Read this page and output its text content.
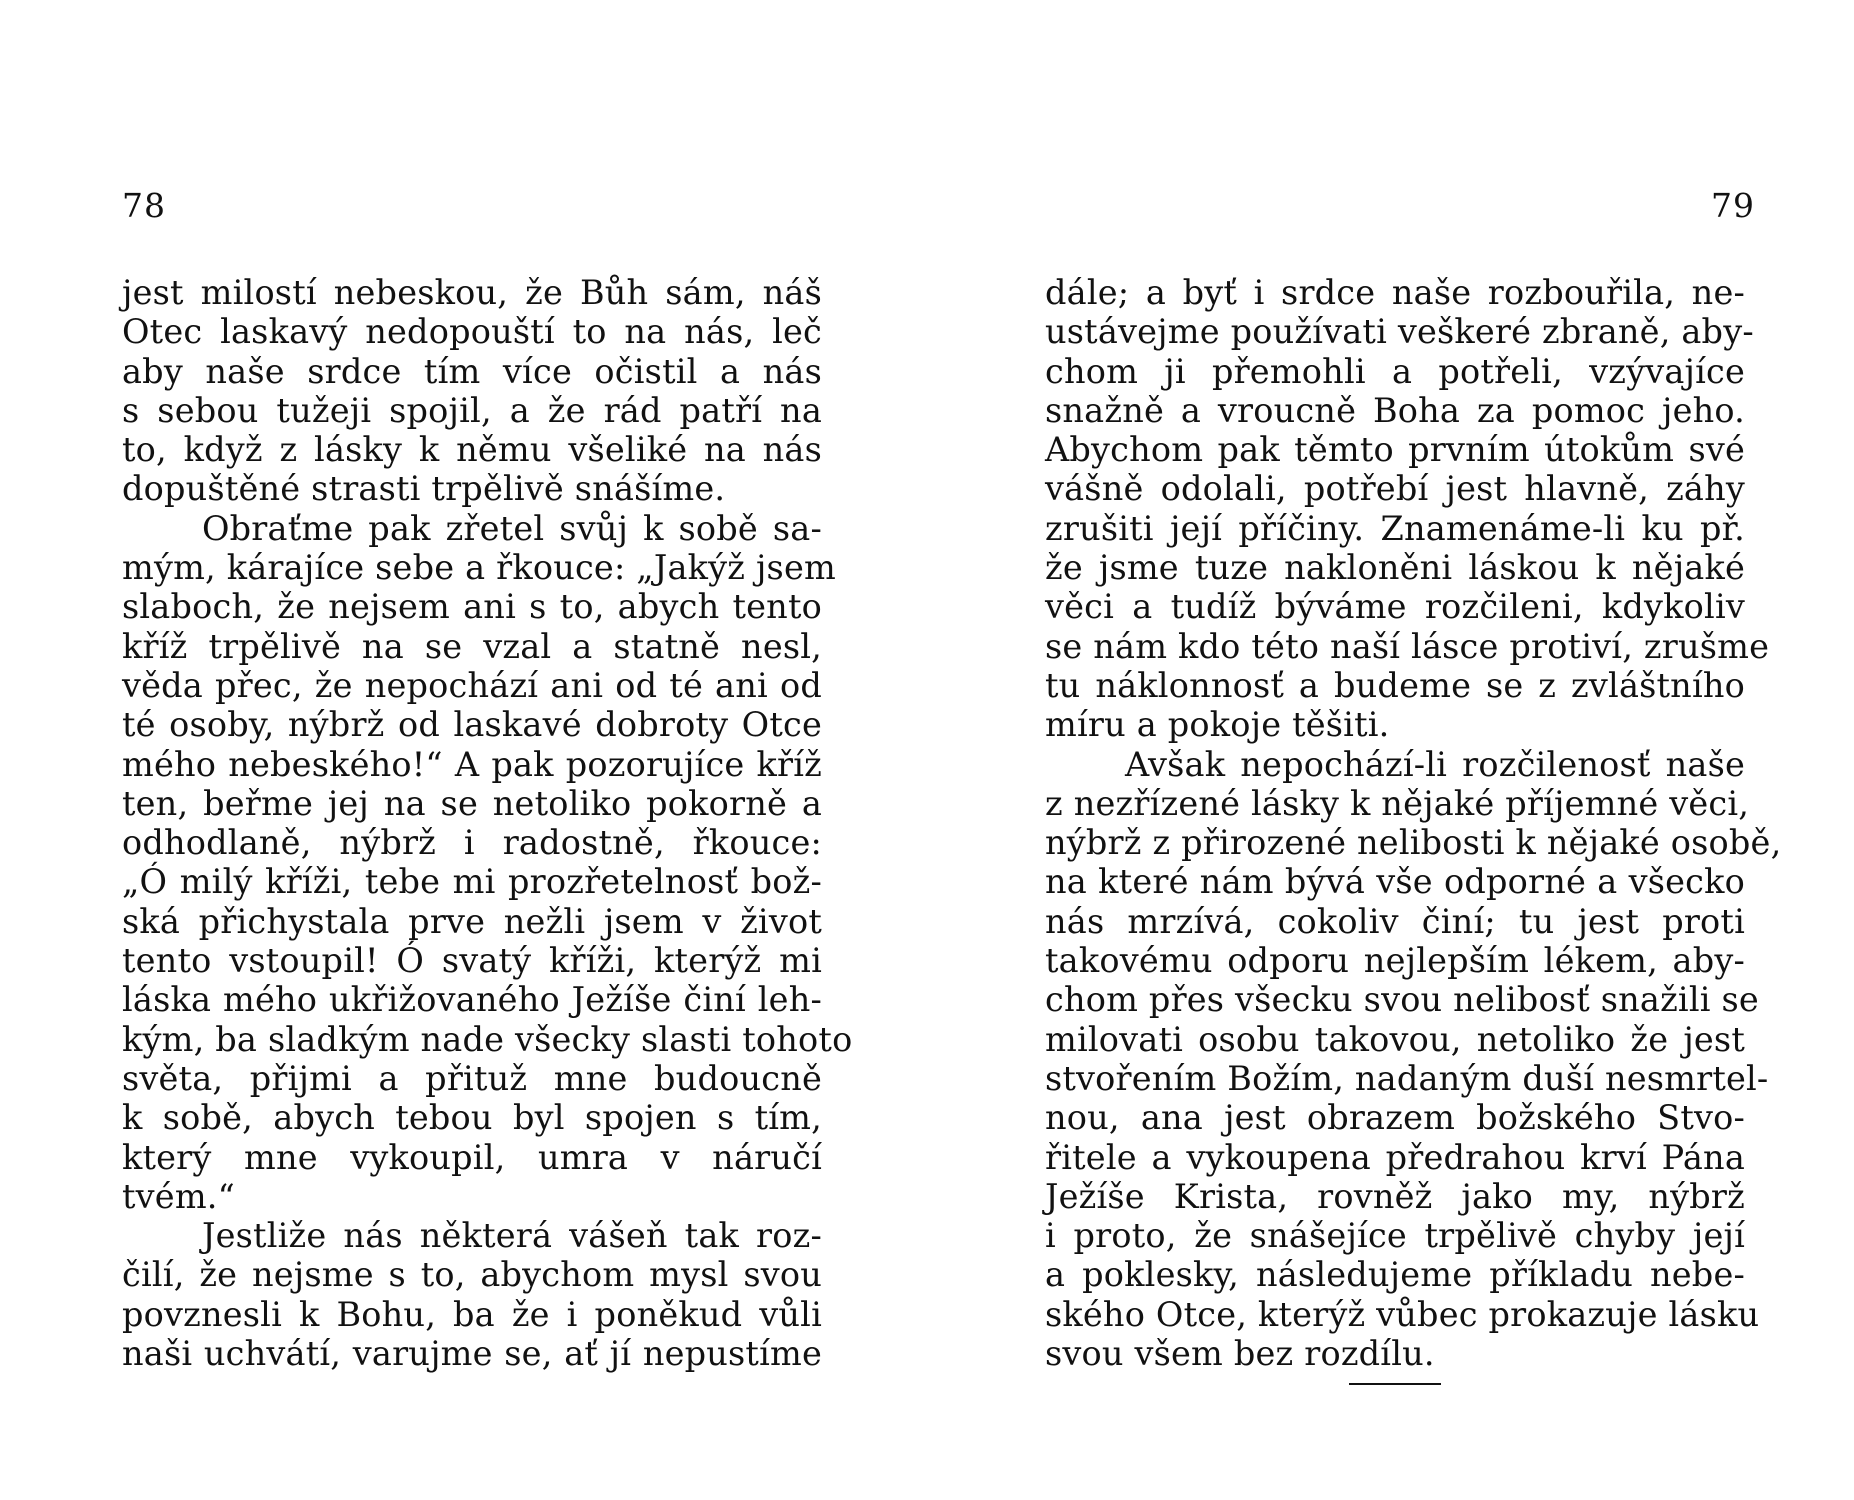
78	79
jest milostí nebeskou, že Bůh sám, náš
Otec laskavý nedopouští to na nás, leč
aby naše srdce tím více očistil a nás
s sebou tužeji spojil, a že rád patří na
to, když z lásky k němu všeliké na nás
dopuštěné strasti trpělivě snášíme.
Obraťme pak zřetel svůj k sobě sa-
mým, kárajíce sebe a řkouce: „Jakýž jsem
slaboch, že nejsem ani s to, abych tento
kříž trpělivě na se vzal a statně nesl,
věda přec, že nepochází ani od té ani od
té osoby, nýbrž od laskavé dobroty Otce
mého nebeského!“ A pak pozorujíce kříž
ten, beřme jej na se netoliko pokorně a
odhodlaně, nýbrž i radostně, řkouce:
„Ó milý kříži, tebe mi prozřetelnosť bož-
ská přichystala prve nežli jsem v život
tento vstoupil! Ó svatý kříži, kterýž mi
láska mého ukřižovaného Ježíše činí leh-
kým, ba sladkým nade všecky slasti tohoto
světa, přijmi a přituž mne budoucně
k sobě, abych tebou byl spojen s tím,
který mne vykoupil, umra v náručí
tvém.“
Jestliže nás některá vášeň tak roz-
čilí, že nejsme s to, abychom mysl svou
povznesli k Bohu, ba že i poněkud vůli
naši uchvátí, varujme se, ať jí nepustíme
dále; a byť i srdce naše rozbouřila, ne-
ustávejme používati veškeré zbraně, aby-
chom ji přemohli a potřeli, vzývajíce
snažně a vroucně Boha za pomoc jeho.
Abychom pak těmto prvním útokům své
vášně odolali, potřebí jest hlavně, záhy
zrušiti její příčiny. Znamenáme-li ku př.
že jsme tuze nakloněni láskou k nějaké
věci a tudíž býváme rozčileni, kdykoliv
se nám kdo této naší lásce protiví, zrušme
tu náklonnosť a budeme se z zvláštního
míru a pokoje těšiti.
Avšak nepochází-li rozčilenosť naše
z nezřízené lásky k nějaké příjemné věci,
nýbrž z přirozené nelibosti k nějaké osobě,
na které nám bývá vše odporné a všecko
nás mrzívá, cokoliv činí; tu jest proti
takovému odporu nejlepším lékem, aby-
chom přes všecku svou nelibosť snažili se
milovati osobu takovou, netoliko že jest
stvořením Božím, nadaným duší nesmrtel-
nou, ana jest obrazem božského Stvo-
řitele a vykoupena předrahou krví Pána
Ježíše Krista, rovněž jako my, nýbrž
i proto, že snášejíce trpělivě chyby její
a poklesky, následujeme příkladu nebe-
ského Otce, kterýž vůbec prokazuje lásku
svou všem bez rozdílu.
